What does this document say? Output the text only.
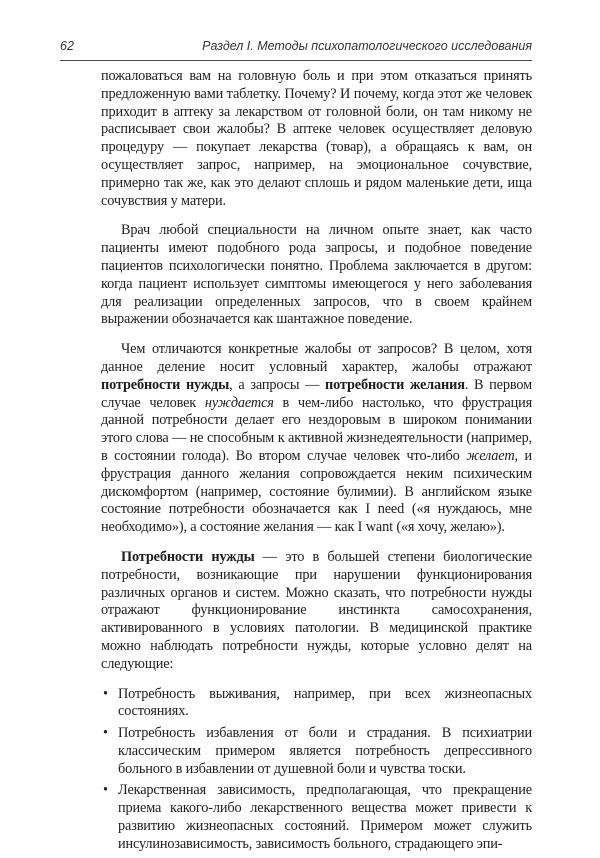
62	Раздел I. Методы психопатологического исследования

пожаловаться вам на головную боль и при этом отказаться принять предложенную вами таблетку. Почему? И почему, когда этот же человек приходит в аптеку за лекарством от головной боли, он там никому не расписывает свои жалобы? В аптеке человек осуществляет деловую процедуру — покупает лекарства (товар), а обращаясь к вам, он осуществляет запрос, например, на эмоциональное сочувствие, примерно так же, как это делают сплошь и рядом маленькие дети, ища сочувствия у матери.

Врач любой специальности на личном опыте знает, как часто пациенты имеют подобного рода запросы, и подобное поведение пациентов психологически понятно. Проблема заключается в другом: когда пациент использует симптомы имеющегося у него заболевания для реализации определенных запросов, что в своем крайнем выражении обозначается как шантажное поведение.

Чем отличаются конкретные жалобы от запросов? В целом, хотя данное деление носит условный характер, жалобы отражают потребности нужды, а запросы — потребности желания. В первом случае человек нуждается в чем-либо настолько, что фрустрация данной потребности делает его нездоровым в широком понимании этого слова — не способным к активной жизнедеятельности (например, в состоянии голода). Во втором случае человек что-либо желает, и фрустрация данного желания сопровождается неким психическим дискомфортом (например, состояние булимии). В английском языке состояние потребности обозначается как I need («я нуждаюсь, мне необходимо»), а состояние желания — как I want («я хочу, желаю»).

Потребности нужды — это в большей степени биологические потребности, возникающие при нарушении функционирования различных органов и систем. Можно сказать, что потребности нужды отражают функционирование инстинкта самосохранения, активированного в условиях патологии. В медицинской практике можно наблюдать потребности нужды, которые условно делят на следующие:

• Потребность выживания, например, при всех жизнеопасных состояниях.
• Потребность избавления от боли и страдания. В психиатрии классическим примером является потребность депрессивного больного в избавлении от душевной боли и чувства тоски.
• Лекарственная зависимость, предполагающая, что прекращение приема какого-либо лекарственного вещества может привести к развитию жизнеопасных состояний. Примером может служить инсулинозависимость, зависимость больного, страдающего эпи-
